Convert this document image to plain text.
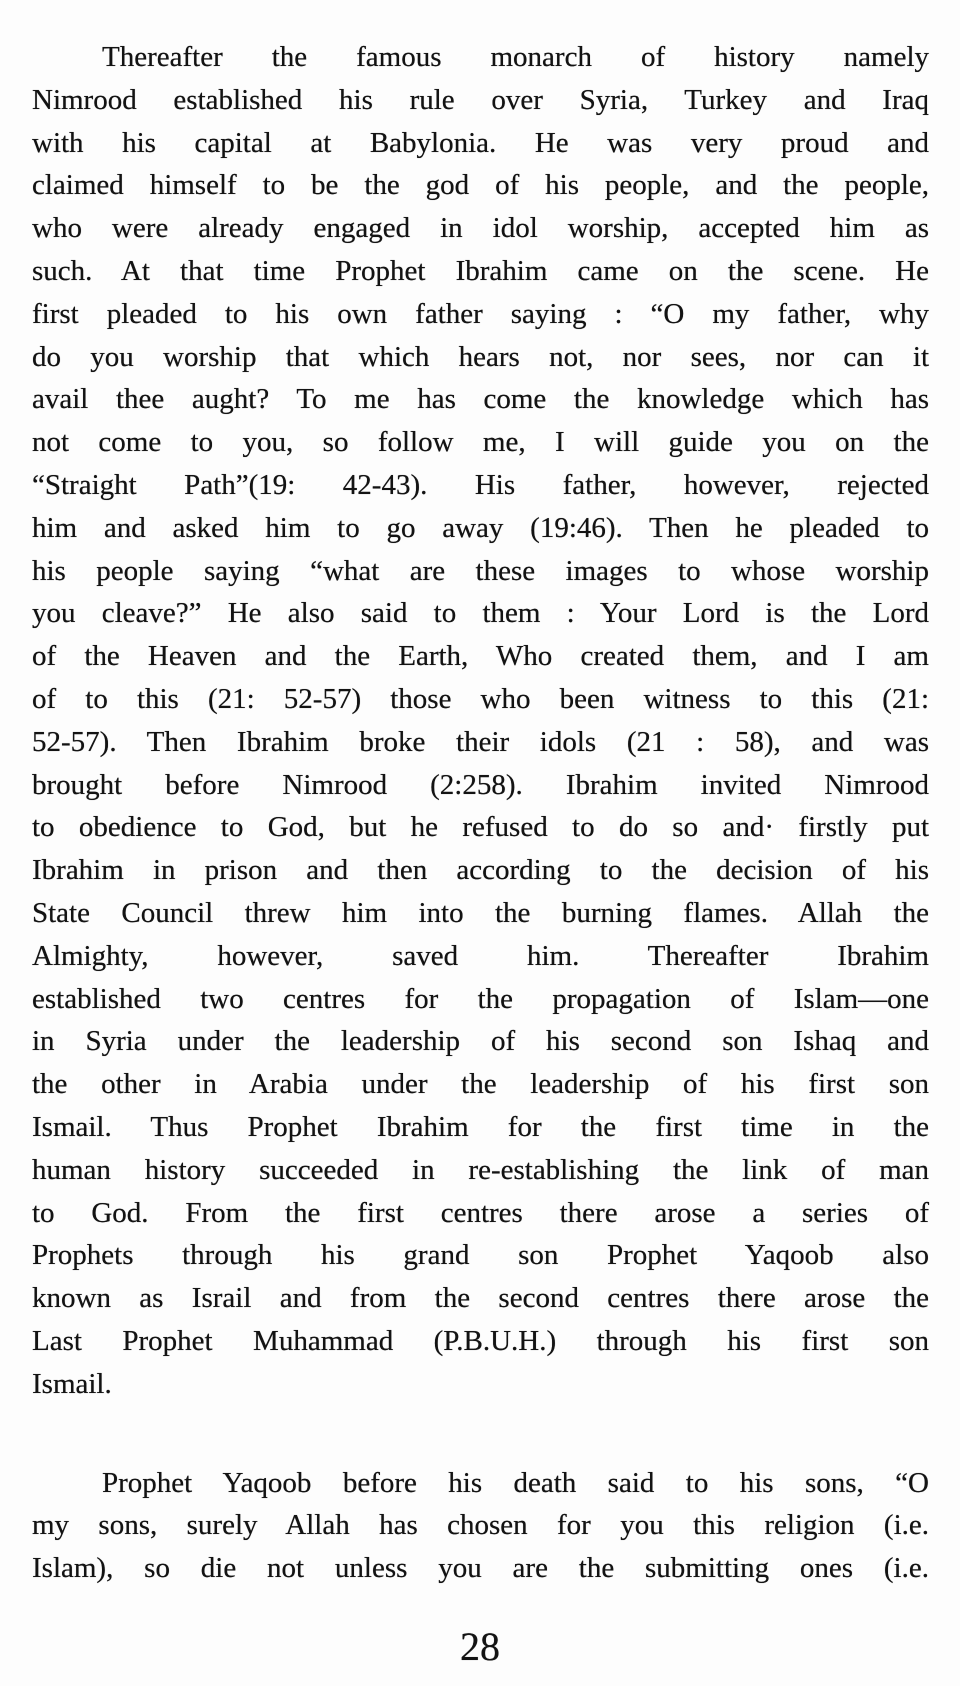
Thereafter the famous monarch of history namely
Nimrood established his rule over Syria, Turkey and Iraq
with his capital at Babylonia. He was very proud and
claimed himself to be the god of his people, and the people,
who were already engaged in idol worship, accepted him as
such. At that time Prophet Ibrahim came on the scene. He
first pleaded to his own father saying : “O my father, why
do you worship that which hears not, nor sees, nor can it
avail thee aught? To me has come the knowledge which has
not come to you, so follow me, I will guide you on the
“Straight Path”(19: 42-43). His father, however, rejected
him and asked him to go away (19:46). Then he pleaded to
his people saying “what are these images to whose worship
you cleave?” He also said to them : Your Lord is the Lord
of the Heaven and the Earth, Who created them, and I am
of to this (21: 52-57) those who been witness to this (21:
52-57). Then Ibrahim broke their idols (21 : 58), and was
brought before Nimrood (2:258). Ibrahim invited Nimrood
to obedience to God, but he refused to do so and· firstly put
Ibrahim in prison and then according to the decision of his
State Council threw him into the burning flames. Allah the
Almighty, however, saved him. Thereafter Ibrahim
established two centres for the propagation of Islam—one
in Syria under the leadership of his second son Ishaq and
the other in Arabia under the leadership of his first son
Ismail. Thus Prophet Ibrahim for the first time in the
human history succeeded in re-establishing the link of man
to God. From the first centres there arose a series of
Prophets through his grand son Prophet Yaqoob also
known as Israil and from the second centres there arose the
Last Prophet Muhammad (P.B.U.H.) through his first son
Ismail.

Prophet Yaqoob before his death said to his sons, “O
my sons, surely Allah has chosen for you this religion (i.e.
Islam), so die not unless you are the submitting ones (i.e.

28
